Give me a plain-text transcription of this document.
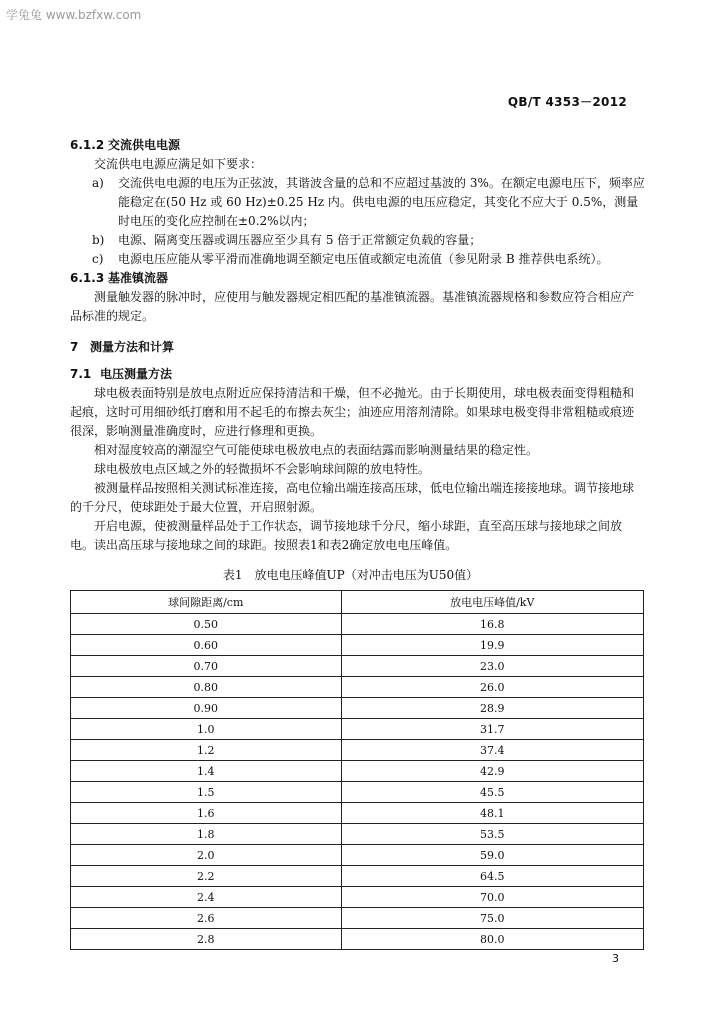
学兔兔 www.bzfxw.com
QB/T 4353－2012
6.1.2 交流供电电源

交流供电电源应满足如下要求：

a) 交流供电电源的电压为正弦波，其谐波含量的总和不应超过基波的 3%。在额定电源电压下，频率应能稳定在(50 Hz 或 60 Hz)±0.25 Hz 内。供电电源的电压应稳定，其变化不应大于 0.5%，测量时电压的变化应控制在±0.2%以内；

b) 电源、隔离变压器或调压器应至少具有 5 倍于正常额定负载的容量；

c) 电源电压应能从零平滑而准确地调至额定电压值或额定电流值（参见附录 B 推荐供电系统）。

6.1.3 基准镇流器

测量触发器的脉冲时，应使用与触发器规定相匹配的基准镇流器。基准镇流器规格和参数应符合相应产品标准的规定。

7 测量方法和计算
7.1 电压测量方法

球电极表面特别是放电点附近应保持清洁和干燥，但不必抛光。由于长期使用，球电极表面变得粗糙和起痕，这时可用细砂纸打磨和用不起毛的布擦去灰尘；油迹应用溶剂清除。如果球电极变得非常粗糙或痕迹很深，影响测量准确度时，应进行修理和更换。

相对湿度较高的潮湿空气可能使球电极放电点的表面结露而影响测量结果的稳定性。

球电极放电点区域之外的轻微损坏不会影响球间隙的放电特性。

被测量样品按照相关测试标准连接，高电位输出端连接高压球，低电位输出端连接接地球。调节接地球的千分尺，使球距处于最大位置，开启照射源。

开启电源，使被测量样品处于工作状态，调节接地球千分尺，缩小球距，直至高压球与接地球之间放电。读出高压球与接地球之间的球距。按照表1和表2确定放电电压峰值。

表1　放电电压峰值UP（对冲击电压为U50值）
球间隙距离/cm	放电电压峰值/kV
0.50	16.8
0.60	19.9
0.70	23.0
0.80	26.0
0.90	28.9
1.0	31.7
1.2	37.4
1.4	42.9
1.5	45.5
1.6	48.1
1.8	53.5
2.0	59.0
2.2	64.5
2.4	70.0
2.6	75.0
2.8	80.0
3
